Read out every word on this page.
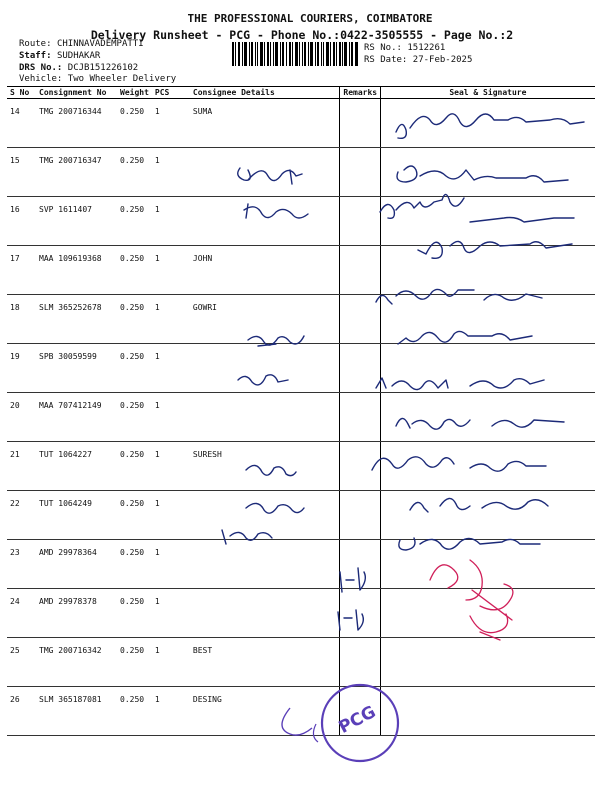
THE PROFESSIONAL COURIERS, COIMBATORE
Delivery Runsheet - PCG - Phone No.:0422-3505555 - Page No.:2
Route: CHINNAVADEMPATTI
Staff: SUDHAKAR
DRS No.: DCJB151226102
Vehicle: Two Wheeler Delivery
RS No.: 1512261
RS Date: 27-Feb-2025
S No	Consignment No	Weight	PCS	Consignee Details	Remarks	Seal & Signature
14	TMG 200716344	0.250	1	SUMA		
15	TMG 200716347	0.250	1			
16	SVP 1611407	0.250	1			
17	MAA 109619368	0.250	1	JOHN		
18	SLM 365252678	0.250	1	GOWRI		
19	SPB 30059599	0.250	1			
20	MAA 707412149	0.250	1			
21	TUT 1064227	0.250	1	SURESH		
22	TUT 1064249	0.250	1			
23	AMD 29978364	0.250	1			
24	AMD 29978378	0.250	1			
25	TMG 200716342	0.250	1	BEST		
26	SLM 365187081	0.250	1	DESING		
PCG
